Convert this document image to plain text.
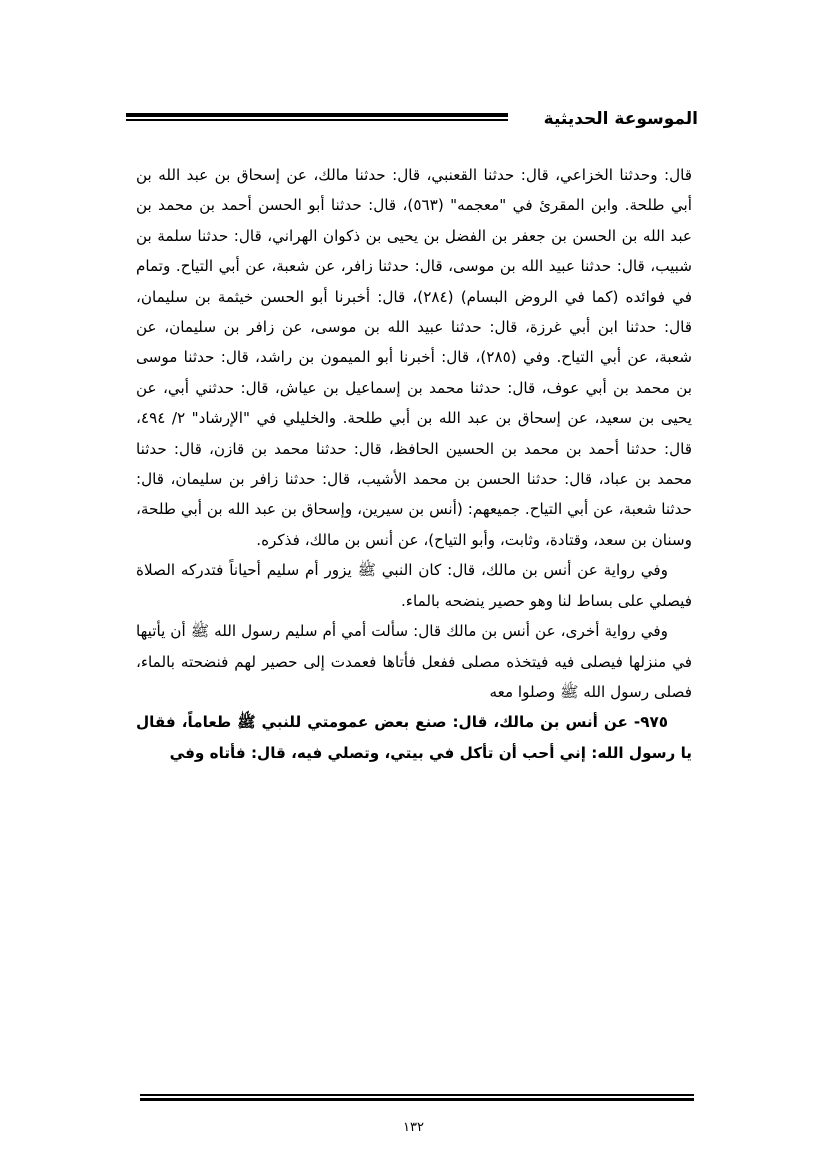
الموسوعة الحديثية

قال: وحدثنا الخزاعي، قال: حدثنا القعنبي، قال: حدثنا مالك، عن إسحاق بن عبد الله بن أبي طلحة. وابن المقرئ في "معجمه" (٥٦٣)، قال: حدثنا أبو الحسن أحمد بن محمد بن عبد الله بن الحسن بن جعفر بن الفضل بن يحيى بن ذكوان الهراني، قال: حدثنا سلمة بن شبيب، قال: حدثنا عبيد الله بن موسى، قال: حدثنا زافر، عن شعبة، عن أبي التياح. وتمام في فوائده (كما في الروض البسام) (٢٨٤)، قال: أخبرنا أبو الحسن خيثمة بن سليمان، قال: حدثنا ابن أبي غرزة، قال: حدثنا عبيد الله بن موسى، عن زافر بن سليمان، عن شعبة، عن أبي التياح. وفي (٢٨٥)، قال: أخبرنا أبو الميمون بن راشد، قال: حدثنا موسى بن محمد بن أبي عوف، قال: حدثنا محمد بن إسماعيل بن عياش، قال: حدثني أبي، عن يحيى بن سعيد، عن إسحاق بن عبد الله بن أبي طلحة. والخليلي في "الإرشاد" ٢/ ٤٩٤، قال: حدثنا أحمد بن محمد بن الحسين الحافظ، قال: حدثنا محمد بن قازن، قال: حدثنا محمد بن عباد، قال: حدثنا الحسن بن محمد الأشيب، قال: حدثنا زافر بن سليمان، قال: حدثنا شعبة، عن أبي التياح. جميعهم: (أنس بن سيرين، وإسحاق بن عبد الله بن أبي طلحة، وسنان بن سعد، وقتادة، وثابت، وأبو التياح)، عن أنس بن مالك، فذكره.

وفي رواية عن أنس بن مالك، قال: كان النبي ﷺ يزور أم سليم أحياناً فتدركه الصلاة فيصلي على بساط لنا وهو حصير ينضحه بالماء.

وفي رواية أخرى، عن أنس بن مالك قال: سألت أمي أم سليم رسول الله ﷺ أن يأتيها في منزلها فيصلى فيه فيتخذه مصلى ففعل فأتاها فعمدت إلى حصير لهم فنضحته بالماء، فصلى رسول الله ﷺ وصلوا معه

٩٧٥- عن أنس بن مالك، قال: صنع بعض عمومتي للنبي ﷺ طعاماً، فقال يا رسول الله: إني أحب أن تأكل في بيتي، وتصلي فيه، قال: فأتاه وفي

١٣٢
